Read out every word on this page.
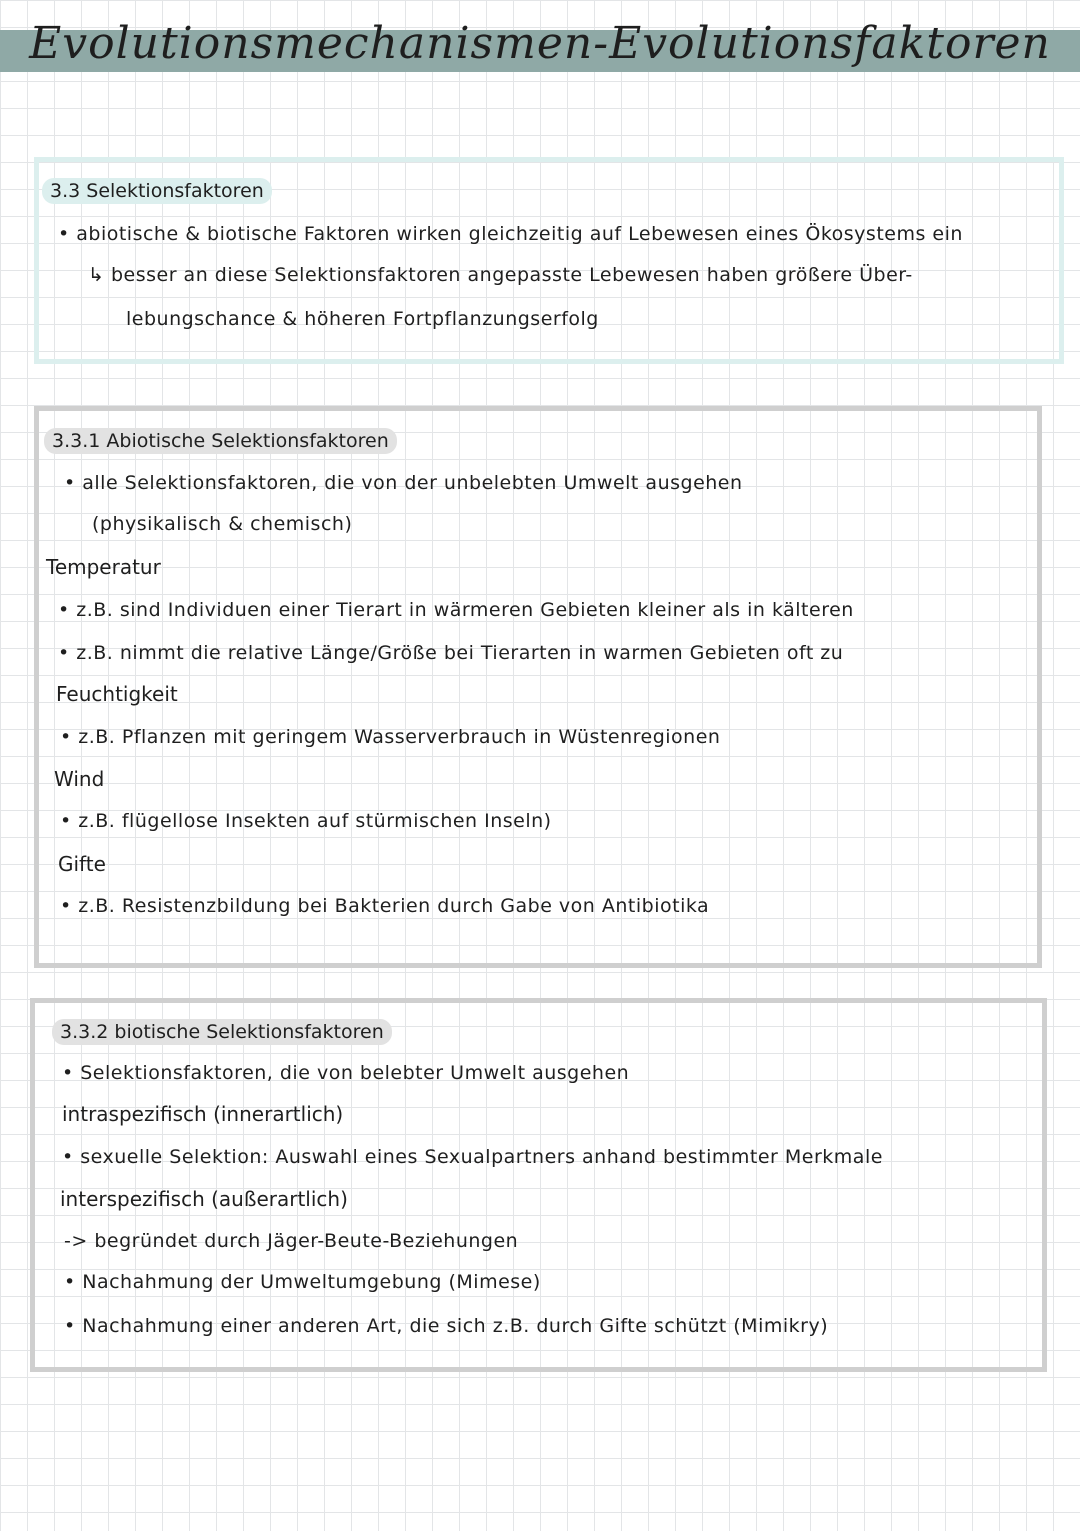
Evolutionsmechanismen-Evolutionsfaktoren
3.3 Selektionsfaktoren
• abiotische & biotische Faktoren wirken gleichzeitig auf Lebewesen eines Ökosystems ein
↳ besser an diese Selektionsfaktoren angepasste Lebewesen haben größere Über-
lebungschance & höheren Fortpflanzungserfolg
3.3.1 Abiotische Selektionsfaktoren
• alle Selektionsfaktoren, die von der unbelebten Umwelt ausgehen
(physikalisch & chemisch)
Temperatur
• z.B. sind Individuen einer Tierart in wärmeren Gebieten kleiner als in kälteren
• z.B. nimmt die relative Länge/Größe bei Tierarten in warmen Gebieten oft zu
Feuchtigkeit
• z.B. Pflanzen mit geringem Wasserverbrauch in Wüstenregionen
Wind
• z.B. flügellose Insekten auf stürmischen Inseln)
Gifte
• z.B. Resistenzbildung bei Bakterien durch Gabe von Antibiotika
3.3.2 biotische Selektionsfaktoren
• Selektionsfaktoren, die von belebter Umwelt ausgehen
intraspezifisch (innerartlich)
• sexuelle Selektion: Auswahl eines Sexualpartners anhand bestimmter Merkmale
interspezifisch (außerartlich)
-> begründet durch Jäger-Beute-Beziehungen
• Nachahmung der Umweltumgebung (Mimese)
• Nachahmung einer anderen Art, die sich z.B. durch Gifte schützt (Mimikry)
